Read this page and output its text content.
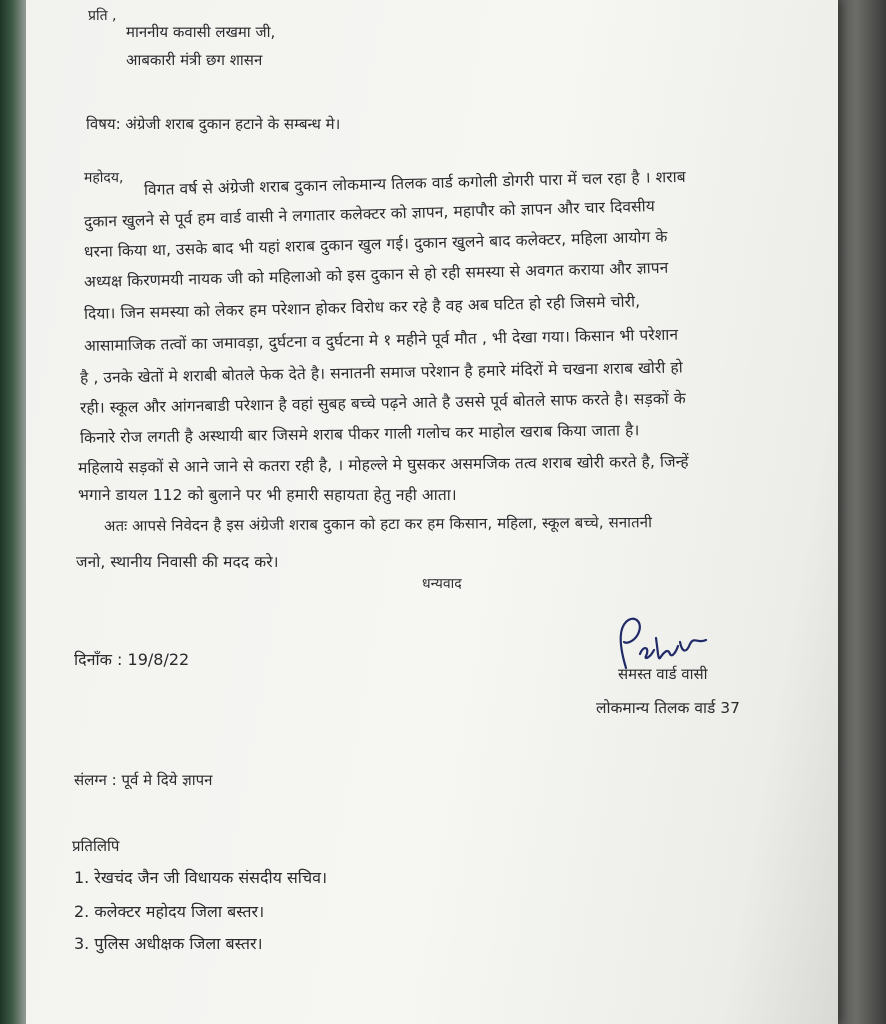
प्रति ,
माननीय कवासी लखमा जी,
आबकारी मंत्री छग शासन
विषय: अंग्रेजी शराब दुकान हटाने के सम्बन्ध मे।
महोदय, विगत वर्ष से अंग्रेजी शराब दुकान लोकमान्य तिलक वार्ड कगोली डोगरी पारा में चल रहा है । शराब
दुकान खुलने से पूर्व हम वार्ड वासी ने लगातार कलेक्टर को ज्ञापन, महापौर को ज्ञापन और चार दिवसीय
धरना किया था, उसके बाद भी यहां शराब दुकान खुल गई। दुकान खुलने बाद कलेक्टर, महिला आयोग के
अध्यक्ष किरणमयी नायक जी को महिलाओ को इस दुकान से हो रही समस्या से अवगत कराया और ज्ञापन
दिया। जिन समस्या को लेकर हम परेशान होकर विरोध कर रहे है वह अब घटित हो रही जिसमे चोरी,
आसामाजिक तत्वों का जमावड़ा, दुर्घटना व दुर्घटना मे १ महीने पूर्व मौत , भी देखा गया। किसान भी परेशान
है , उनके खेतों मे शराबी बोतले फेक देते है। सनातनी समाज परेशान है हमारे मंदिरों मे चखना शराब खोरी हो
रही। स्कूल और आंगनबाडी परेशान है वहां सुबह बच्चे पढ़ने आते है उससे पूर्व बोतले साफ करते है। सड़कों के
किनारे रोज लगती है अस्थायी बार जिसमे शराब पीकर गाली गलोच कर माहोल खराब किया जाता है।
महिलाये सड़कों से आने जाने से कतरा रही है, । मोहल्ले मे घुसकर असमजिक तत्व शराब खोरी करते है, जिन्हें
भगाने डायल 112 को बुलाने पर भी हमारी सहायता हेतु नही आता।
अतः आपसे निवेदन है इस अंग्रेजी शराब दुकान को हटा कर हम किसान, महिला, स्कूल बच्चे, सनातनी
जनो, स्थानीय निवासी की मदद करे।
धन्यवाद
दिनाँक : 19/8/22
समस्त वार्ड वासी
लोकमान्य तिलक वार्ड 37
संलग्न : पूर्व मे दिये ज्ञापन
प्रतिलिपि
1. रेखचंद जैन जी विधायक संसदीय सचिव।
2. कलेक्टर महोदय जिला बस्तर।
3. पुलिस अधीक्षक जिला बस्तर।
